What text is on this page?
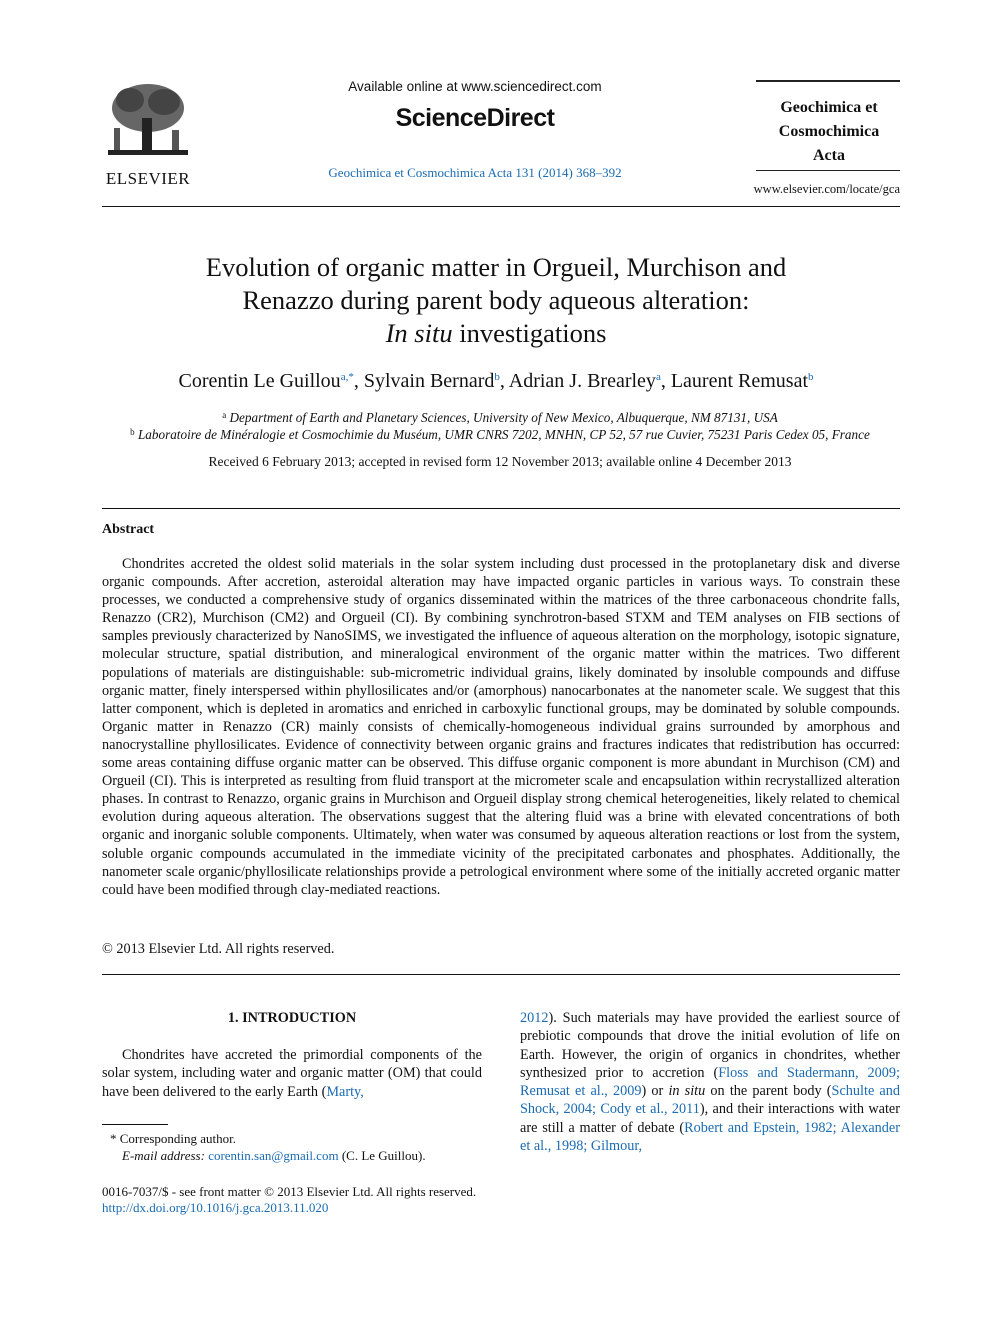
ELSEVIER
Available online at www.sciencedirect.com
ScienceDirect
Geochimica et Cosmochimica Acta 131 (2014) 368–392
Geochimica et
Cosmochimica
Acta
www.elsevier.com/locate/gca
Evolution of organic matter in Orgueil, Murchison and
Renazzo during parent body aqueous alteration:
In situ investigations
Corentin Le Guillou$^{a,*}$, Sylvain Bernard$^b$, Adrian J. Brearley$^a$, Laurent Remusat$^b$
$^a$ Department of Earth and Planetary Sciences, University of New Mexico, Albuquerque, NM 87131, USA
$^b$ Laboratoire de Minéralogie et Cosmochimie du Muséum, UMR CNRS 7202, MNHN, CP 52, 57 rue Cuvier, 75231 Paris Cedex 05, France
Received 6 February 2013; accepted in revised form 12 November 2013; available online 4 December 2013
Abstract
Chondrites accreted the oldest solid materials in the solar system including dust processed in the protoplanetary disk and diverse organic compounds. After accretion, asteroidal alteration may have impacted organic particles in various ways. To constrain these processes, we conducted a comprehensive study of organics disseminated within the matrices of the three carbonaceous chondrite falls, Renazzo (CR2), Murchison (CM2) and Orgueil (CI). By combining synchrotron-based STXM and TEM analyses on FIB sections of samples previously characterized by NanoSIMS, we investigated the influence of aqueous alteration on the morphology, isotopic signature, molecular structure, spatial distribution, and mineralogical environment of the organic matter within the matrices. Two different populations of materials are distinguishable: sub-micrometric individual grains, likely dominated by insoluble compounds and diffuse organic matter, finely interspersed within phyllosilicates and/or (amorphous) nanocarbonates at the nanometer scale. We suggest that this latter component, which is depleted in aromatics and enriched in carboxylic functional groups, may be dominated by soluble compounds. Organic matter in Renazzo (CR) mainly consists of chemically-homogeneous individual grains surrounded by amorphous and nanocrystalline phyllosilicates. Evidence of connectivity between organic grains and fractures indicates that redistribution has occurred: some areas containing diffuse organic matter can be observed. This diffuse organic component is more abundant in Murchison (CM) and Orgueil (CI). This is interpreted as resulting from fluid transport at the micrometer scale and encapsulation within recrystallized alteration phases. In contrast to Renazzo, organic grains in Murchison and Orgueil display strong chemical heterogeneities, likely related to chemical evolution during aqueous alteration. The observations suggest that the altering fluid was a brine with elevated concentrations of both organic and inorganic soluble components. Ultimately, when water was consumed by aqueous alteration reactions or lost from the system, soluble organic compounds accumulated in the immediate vicinity of the precipitated carbonates and phosphates. Additionally, the nanometer scale organic/phyllosilicate relationships provide a petrological environment where some of the initially accreted organic matter could have been modified through clay-mediated reactions.
© 2013 Elsevier Ltd. All rights reserved.
1. INTRODUCTION
Chondrites have accreted the primordial components of the solar system, including water and organic matter (OM) that could have been delivered to the early Earth (Marty,
* Corresponding author.
E-mail address: corentin.san@gmail.com (C. Le Guillou).
0016-7037/$ - see front matter © 2013 Elsevier Ltd. All rights reserved.
http://dx.doi.org/10.1016/j.gca.2013.11.020
2012). Such materials may have provided the earliest source of prebiotic compounds that drove the initial evolution of life on Earth. However, the origin of organics in chondrites, whether synthesized prior to accretion (Floss and Stadermann, 2009; Remusat et al., 2009) or in situ on the parent body (Schulte and Shock, 2004; Cody et al., 2011), and their interactions with water are still a matter of debate (Robert and Epstein, 1982; Alexander et al., 1998; Gilmour,
